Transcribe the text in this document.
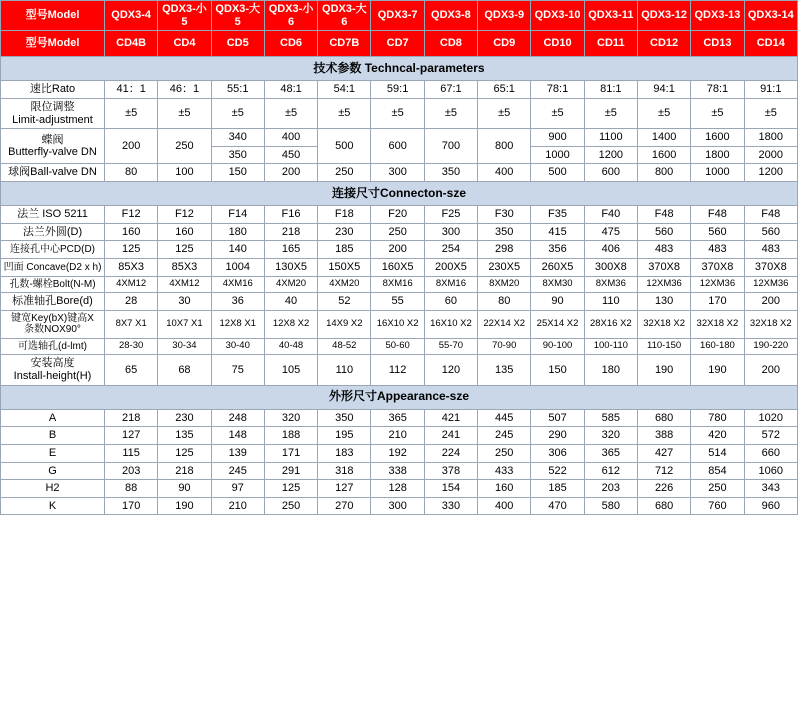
型号Model	QDX3-4	QDX3-小5	QDX3-大5	QDX3-小6	QDX3-大6	QDX3-7	QDX3-8	QDX3-9	QDX3-10	QDX3-11	QDX3-12	QDX3-13	QDX3-14
型号Model	CD4B	CD4	CD5	CD6	CD7B	CD7	CD8	CD9	CD10	CD11	CD12	CD13	CD14
技术参数 Techncal-parameters													
速比Rato	41：1	46：1	55:1	48:1	54:1	59:1	67:1	65:1	78:1	81:1	94:1	78:1	91:1

限位调整
Limit-adjustment	±5	±5	±5	±5	±5	±5	±5	±5	±5	±5	±5	±5	±5

蝶阀
Butterfly-valve DN	200	250	340	400	500	600	700	800	900	1100	1400	1600	1800
			350	450					1000	1200	1600	1800	2000
球阀Ball-valve DN	80	100	150	200	250	300	350	400	500	600	800	1000	1200
连接尺寸Connecton-sze													
法兰 ISO 5211	F12	F12	F14	F16	F18	F20	F25	F30	F35	F40	F48	F48	F48
法兰外圆(D)	160	160	180	218	230	250	300	350	415	475	560	560	560
连接孔中心PCD(D)	125	125	140	165	185	200	254	298	356	406	483	483	483
凹面 Concave(D2 x h)	85X3	85X3	1004	130X5	150X5	160X5	200X5	230X5	260X5	300X8	370X8	370X8	370X8
孔数-螺栓Bolt(N-M)	4XM12	4XM12	4XM16	4XM20	4XM20	8XM16	8XM16	8XM20	8XM30	8XM36	12XM36	12XM36	12XM36
标准轴孔Bore(d)	28	30	36	40	52	55	60	80	90	110	130	170	200

键宽Key(bX)键高X
条数NOX90°	8X7 X1	10X7 X1	12X8 X1	12X8 X2	14X9 X2	16X10 X2	16X10 X2	22X14 X2	25X14 X2	28X16 X2	32X18 X2	32X18 X2	32X18 X2
可选轴孔(d-lmt)	28-30	30-34	30-40	40-48	48-52	50-60	55-70	70-90	90-100	100-110	110-150	160-180	190-220

安装高度
Install-height(H)	65	68	75	105	110	112	120	135	150	180	190	190	200
外形尺寸Appearance-sze													
A	218	230	248	320	350	365	421	445	507	585	680	780	1020
B	127	135	148	188	195	210	241	245	290	320	388	420	572
E	115	125	139	171	183	192	224	250	306	365	427	514	660
G	203	218	245	291	318	338	378	433	522	612	712	854	1060
H2	88	90	97	125	127	128	154	160	185	203	226	250	343
K	170	190	210	250	270	300	330	400	470	580	680	760	960
